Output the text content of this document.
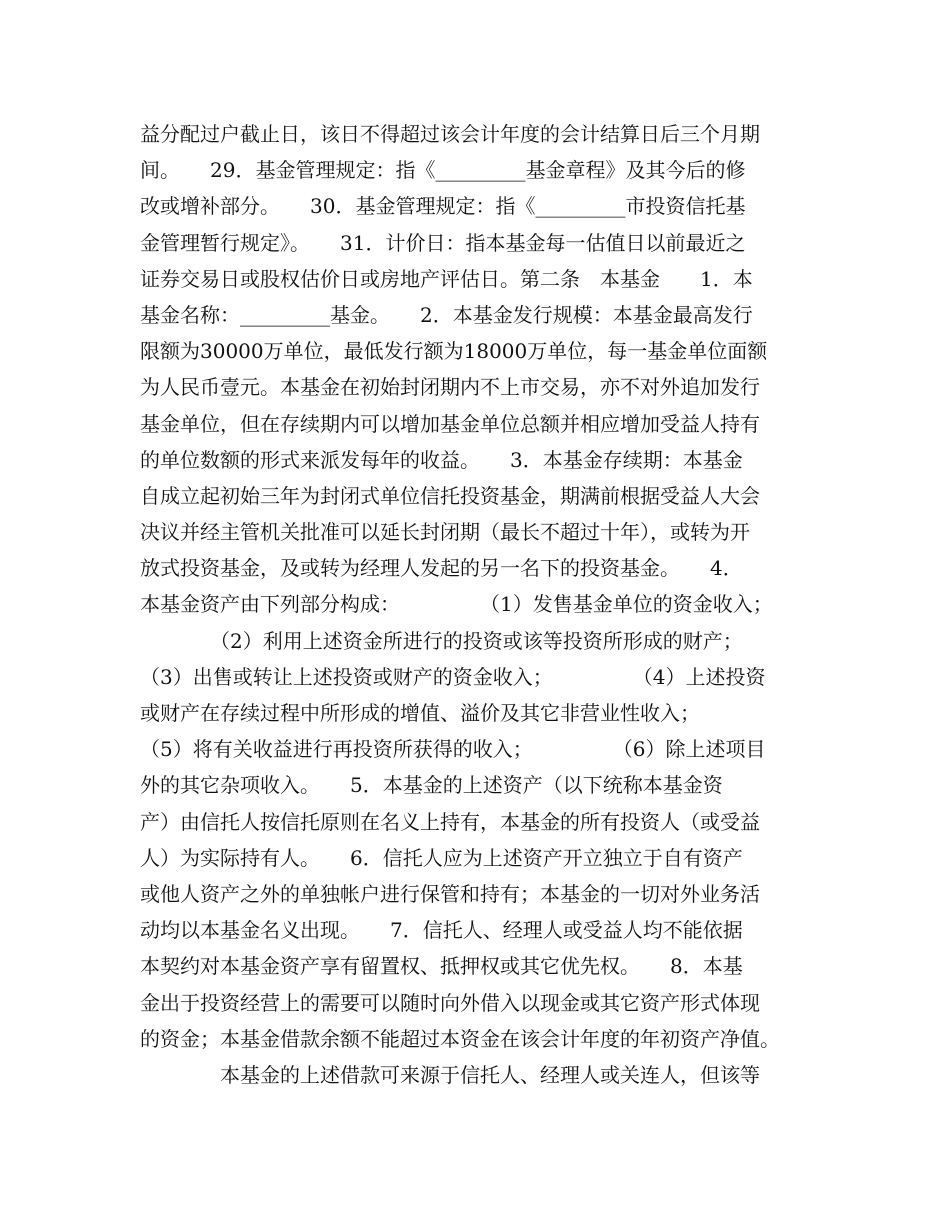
益分配过户截止日，该日不得超过该会计年度的会计结算日后三个月期
间。　　29．基金管理规定：指《_________基金章程》及其今后的修
改或增补部分。　　30．基金管理规定：指《_________市投资信托基
金管理暂行规定》。　　31．计价日：指本基金每一估值日以前最近之
证券交易日或股权估价日或房地产评估日。第二条　本基金　　1．本
基金名称：_________基金。　　2．本基金发行规模：本基金最高发行
限额为30000万单位，最低发行额为18000万单位，每一基金单位面额
为人民币壹元。本基金在初始封闭期内不上市交易，亦不对外追加发行
基金单位，但在存续期内可以增加基金单位总额并相应增加受益人持有
的单位数额的形式来派发每年的收益。　　3．本基金存续期：本基金
自成立起初始三年为封闭式单位信托投资基金，期满前根据受益人大会
决议并经主管机关批准可以延长封闭期（最长不超过十年），或转为开
放式投资基金，及或转为经理人发起的另一名下的投资基金。　　4．
本基金资产由下列部分构成：　　　　　（1）发售基金单位的资金收入；
　　　　（2）利用上述资金所进行的投资或该等投资所形成的财产；
（3）出售或转让上述投资或财产的资金收入；　　　　　（4）上述投资
或财产在存续过程中所形成的增值、溢价及其它非营业性收入；
（5）将有关收益进行再投资所获得的收入；　　　　　（6）除上述项目
外的其它杂项收入。　　5．本基金的上述资产（以下统称本基金资
产）由信托人按信托原则在名义上持有，本基金的所有投资人（或受益
人）为实际持有人。　　6．信托人应为上述资产开立独立于自有资产
或他人资产之外的单独帐户进行保管和持有；本基金的一切对外业务活
动均以本基金名义出现。　　7．信托人、经理人或受益人均不能依据
本契约对本基金资产享有留置权、抵押权或其它优先权。　　8．本基
金出于投资经营上的需要可以随时向外借入以现金或其它资产形式体现
的资金；本基金借款余额不能超过本资金在该会计年度的年初资产净值。
　　　　本基金的上述借款可来源于信托人、经理人或关连人，但该等
